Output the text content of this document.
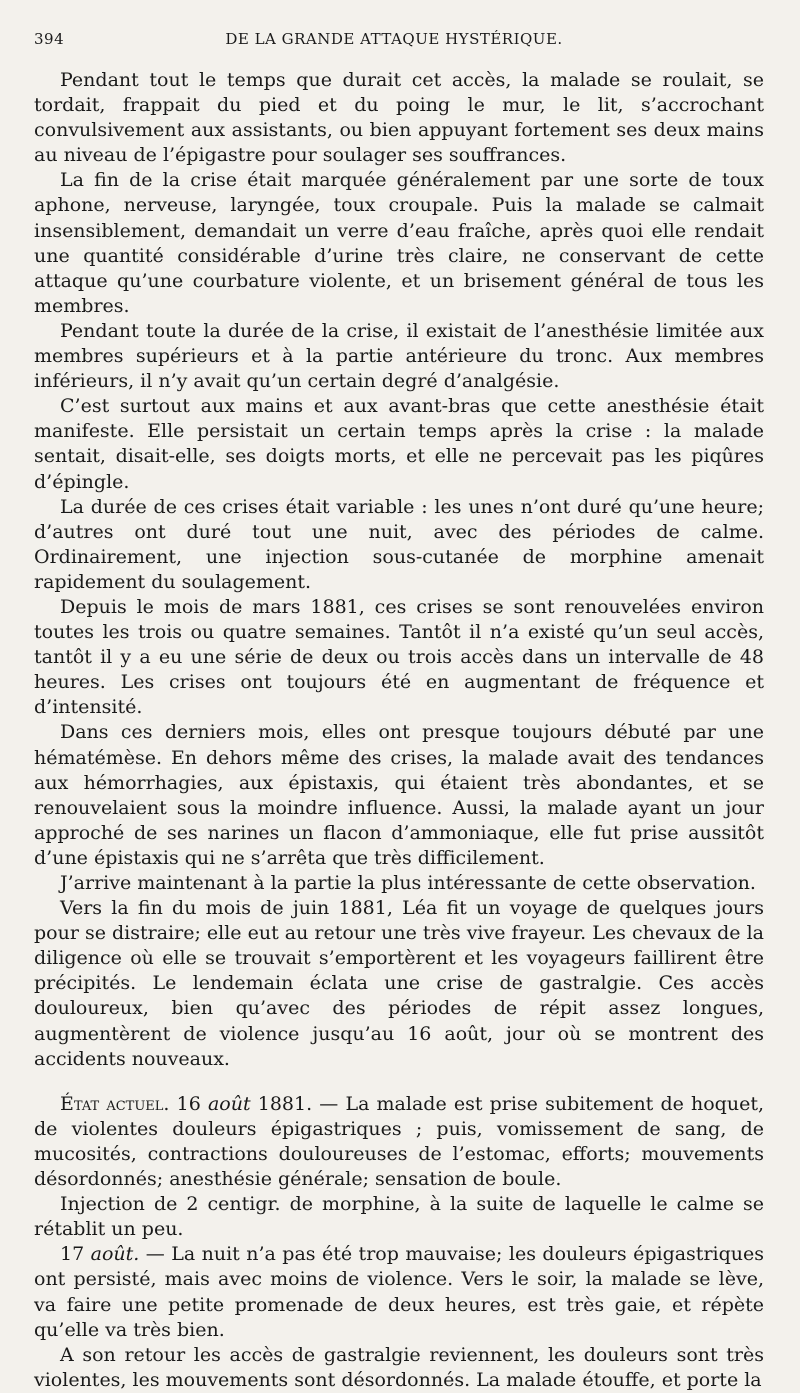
394	DE LA GRANDE ATTAQUE HYSTÉRIQUE.

Pendant tout le temps que durait cet accès, la malade se roulait, se tordait, frappait du pied et du poing le mur, le lit, s’accrochant convulsivement aux assistants, ou bien appuyant fortement ses deux mains au niveau de l’épigastre pour soulager ses souffrances.

La fin de la crise était marquée généralement par une sorte de toux aphone, nerveuse, laryngée, toux croupale. Puis la malade se calmait insensiblement, demandait un verre d’eau fraîche, après quoi elle rendait une quantité considérable d’urine très claire, ne conservant de cette attaque qu’une courbature violente, et un brisement général de tous les membres.

Pendant toute la durée de la crise, il existait de l’anesthésie limitée aux membres supérieurs et à la partie antérieure du tronc. Aux membres inférieurs, il n’y avait qu’un certain degré d’analgésie.

C’est surtout aux mains et aux avant-bras que cette anesthésie était manifeste. Elle persistait un certain temps après la crise : la malade sentait, disait-elle, ses doigts morts, et elle ne percevait pas les piqûres d’épingle.

La durée de ces crises était variable : les unes n’ont duré qu’une heure; d’autres ont duré tout une nuit, avec des périodes de calme. Ordinairement, une injection sous-cutanée de morphine amenait rapidement du soulagement.

Depuis le mois de mars 1881, ces crises se sont renouvelées environ toutes les trois ou quatre semaines. Tantôt il n’a existé qu’un seul accès, tantôt il y a eu une série de deux ou trois accès dans un intervalle de 48 heures. Les crises ont toujours été en augmentant de fréquence et d’intensité.

Dans ces derniers mois, elles ont presque toujours débuté par une hématémèse. En dehors même des crises, la malade avait des tendances aux hémorrhagies, aux épistaxis, qui étaient très abondantes, et se renouvelaient sous la moindre influence. Aussi, la malade ayant un jour approché de ses narines un flacon d’ammoniaque, elle fut prise aussitôt d’une épistaxis qui ne s’arrêta que très difficilement.

J’arrive maintenant à la partie la plus intéressante de cette observation.

Vers la fin du mois de juin 1881, Léa fit un voyage de quelques jours pour se distraire; elle eut au retour une très vive frayeur. Les chevaux de la diligence où elle se trouvait s’emportèrent et les voyageurs faillirent être précipités. Le lendemain éclata une crise de gastralgie. Ces accès douloureux, bien qu’avec des périodes de répit assez longues, augmentèrent de violence jusqu’au 16 août, jour où se montrent des accidents nouveaux.

État actuel. 16 août 1881. — La malade est prise subitement de hoquet, de violentes douleurs épigastriques ; puis, vomissement de sang, de mucosités, contractions douloureuses de l’estomac, efforts; mouvements désordonnés; anesthésie générale; sensation de boule.

Injection de 2 centigr. de morphine, à la suite de laquelle le calme se rétablit un peu.

17 août. — La nuit n’a pas été trop mauvaise; les douleurs épigastriques ont persisté, mais avec moins de violence. Vers le soir, la malade se lève, va faire une petite promenade de deux heures, est très gaie, et répète qu’elle va très bien.

A son retour les accès de gastralgie reviennent, les douleurs sont très violentes, les mouvements sont désordonnés. La malade étouffe, et porte la
